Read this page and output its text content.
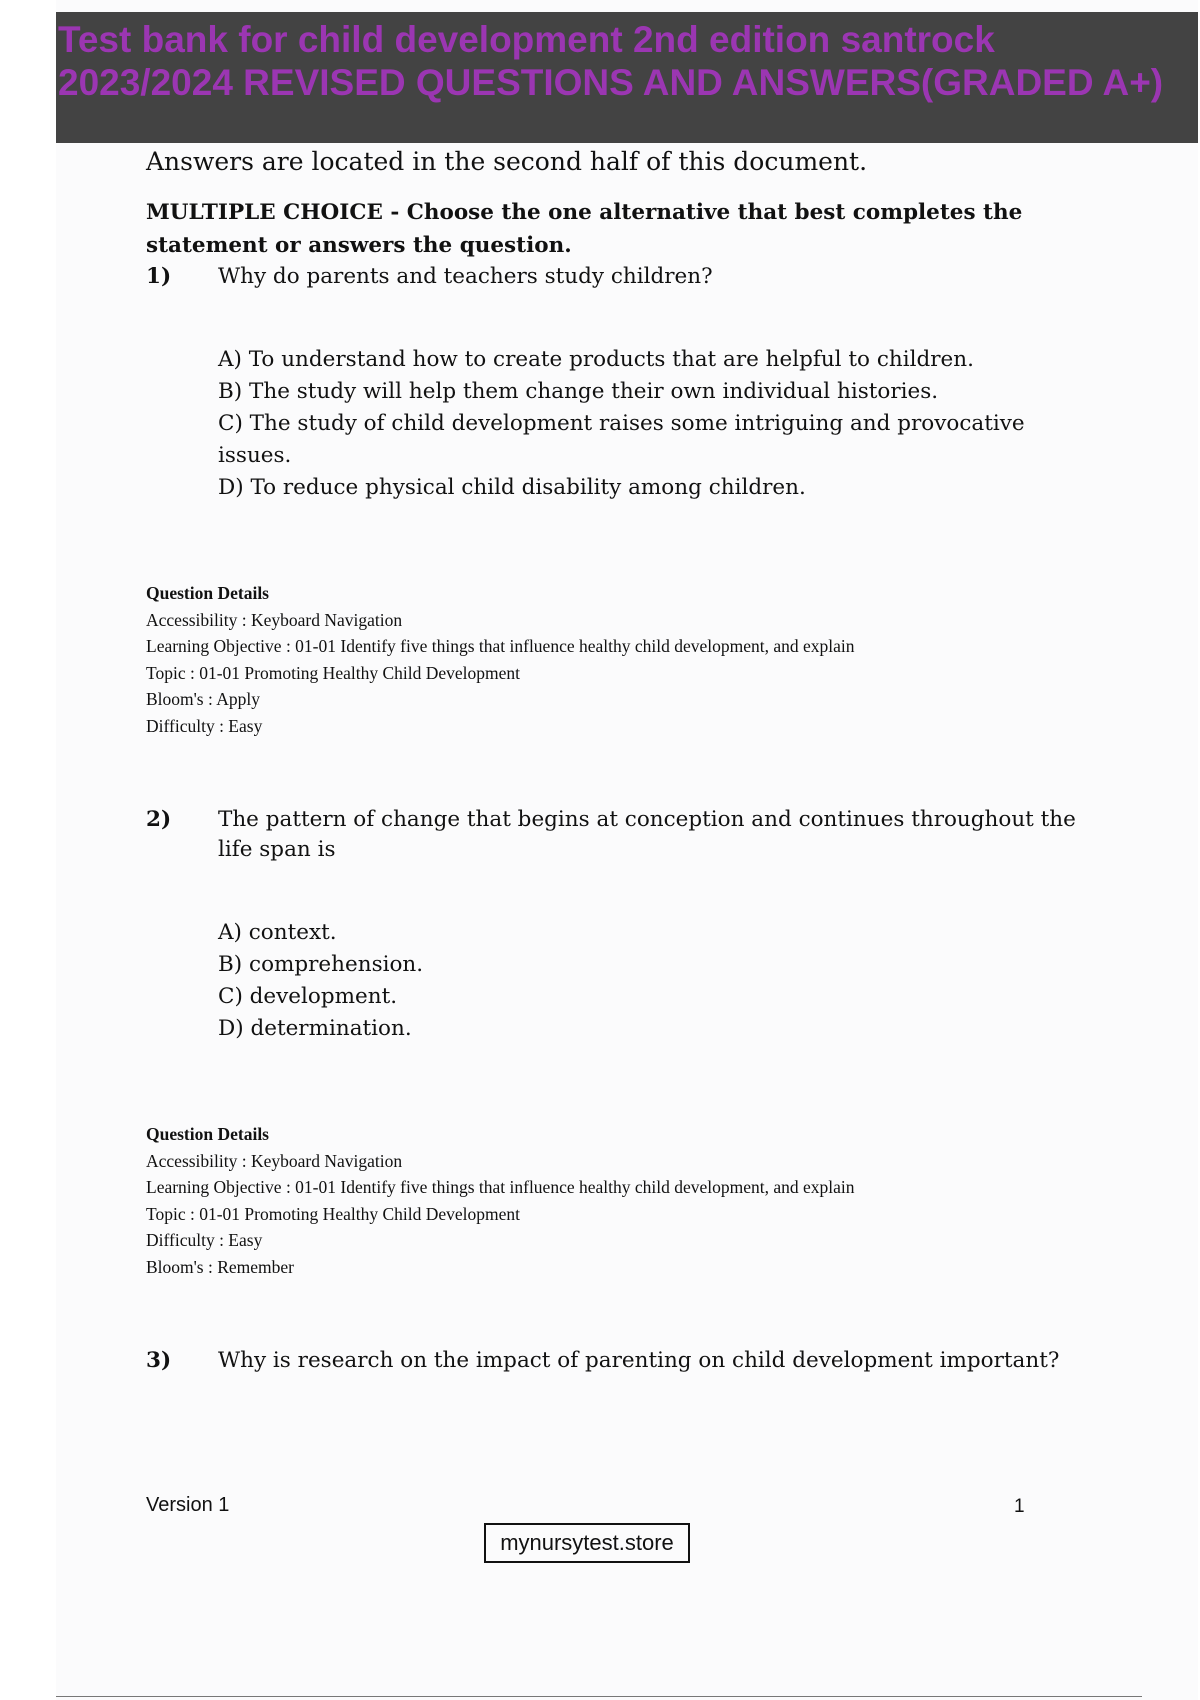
Test bank for child development 2nd edition santrock
2023/2024 REVISED QUESTIONS AND ANSWERS(GRADED A+)

Answers are located in the second half of this document.

MULTIPLE CHOICE - Choose the one alternative that best completes the statement or answers the question.

1)	Why do parents and teachers study children?
A) To understand how to create products that are helpful to children.
B) The study will help them change their own individual histories.
C) The study of child development raises some intriguing and provocative issues.
D) To reduce physical child disability among children.
Question Details
Accessibility : Keyboard Navigation
Learning Objective : 01-01 Identify five things that influence healthy child development, and explain
Topic : 01-01 Promoting Healthy Child Development
Bloom's : Apply
Difficulty : Easy
2)	The pattern of change that begins at conception and continues throughout the life span is
A) context.
B) comprehension.
C) development.
D) determination.
Question Details
Accessibility : Keyboard Navigation
Learning Objective : 01-01 Identify five things that influence healthy child development, and explain
Topic : 01-01 Promoting Healthy Child Development
Difficulty : Easy
Bloom's : Remember
3)	Why is research on the impact of parenting on child development important?
Version 1	1
mynursytest.store
